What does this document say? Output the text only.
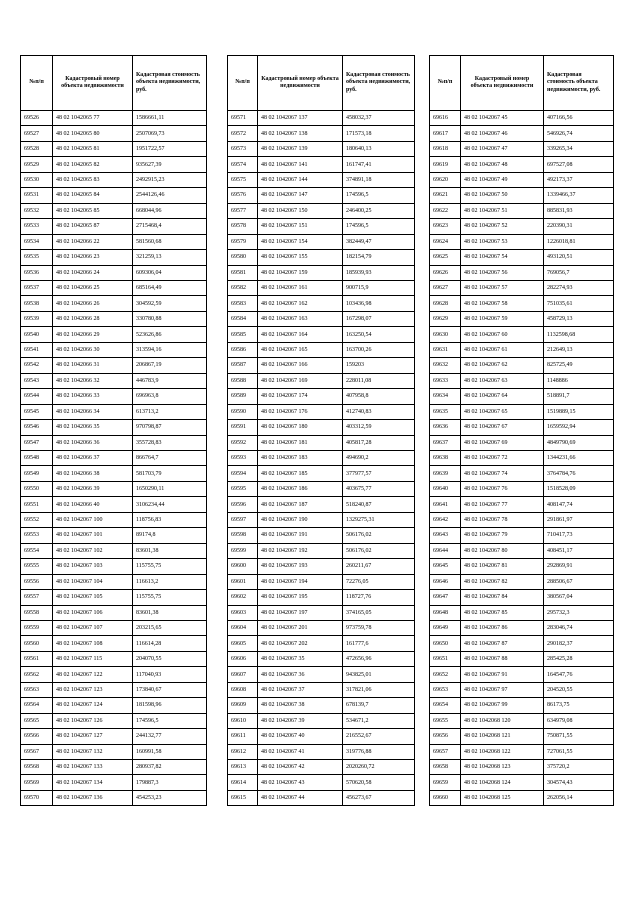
№п/п	Кадастровый номер объекта недвижимости	Кадастровая стоимость объекта недвижимости, руб.
69526	48 02 1042065 77	1586661,11
69527	48 02 1042065 80	2507069,73
69528	48 02 1042065 81	1951722,57
69529	48 02 1042065 82	935627,39
69530	48 02 1042065 83	2492915,23
69531	48 02 1042065 84	2544126,46
69532	48 02 1042065 85	668044,96
69533	48 02 1042065 87	2715468,4
69534	48 02 1042066 22	581560,68
69535	48 02 1042066 23	321259,13
69536	48 02 1042066 24	609306,04
69537	48 02 1042066 25	685164,49
69538	48 02 1042066 26	304592,59
69539	48 02 1042066 28	330780,88
69540	48 02 1042066 29	523626,86
69541	48 02 1042066 30	313594,16
69542	48 02 1042066 31	206867,19
69543	48 02 1042066 32	446783,9
69544	48 02 1042066 33	696963,8
69545	48 02 1042066 34	613713,2
69546	48 02 1042066 35	970798,87
69547	48 02 1042066 36	355728,83
69548	48 02 1042066 37	866764,7
69549	48 02 1042066 38	581703,79
69550	48 02 1042066 39	1650290,11
69551	48 02 1042066 40	3106234,44
69552	48 02 1042067 100	118756,83
69553	48 02 1042067 101	89174,8
69554	48 02 1042067 102	83601,38
69555	48 02 1042067 103	115755,75
69556	48 02 1042067 104	116613,2
69557	48 02 1042067 105	115755,75
69558	48 02 1042067 106	83601,38
69559	48 02 1042067 107	203215,65
69560	48 02 1042067 108	116614,28
69561	48 02 1042067 115	204070,55
69562	48 02 1042067 122	117040,93
69563	48 02 1042067 123	173840,67
69564	48 02 1042067 124	181598,96
69565	48 02 1042067 126	174596,5
69566	48 02 1042067 127	244132,77
69567	48 02 1042067 132	160991,58
69568	48 02 1042067 133	280937,82
69569	48 02 1042067 134	179887,3
69570	48 02 1042067 136	454253,23
№п/п	Кадастровый номер объекта недвижимости	Кадастровая стоимость объекта недвижимости, руб.
69571	48 02 1042067 137	458032,37
69572	48 02 1042067 138	171573,18
69573	48 02 1042067 139	180640,13
69574	48 02 1042067 141	161747,41
69575	48 02 1042067 144	374891,18
69576	48 02 1042067 147	174596,5
69577	48 02 1042067 150	246400,25
69578	48 02 1042067 151	174596,5
69579	48 02 1042067 154	382449,47
69580	48 02 1042067 155	182154,79
69581	48 02 1042067 159	185939,93
69582	48 02 1042067 161	900715,9
69583	48 02 1042067 162	103436,98
69584	48 02 1042067 163	167298,07
69585	48 02 1042067 164	163250,54
69586	48 02 1042067 165	163700,26
69587	48 02 1042067 166	159203
69588	48 02 1042067 169	228011,08
69589	48 02 1042067 174	407958,8
69590	48 02 1042067 176	412740,83
69591	48 02 1042067 180	403312,59
69592	48 02 1042067 181	405817,28
69593	48 02 1042067 183	494690,2
69594	48 02 1042067 185	377977,57
69595	48 02 1042067 186	403675,77
69596	48 02 1042067 187	518240,87
69597	48 02 1042067 190	1329275,31
69598	48 02 1042067 191	506176,02
69599	48 02 1042067 192	506176,02
69600	48 02 1042067 193	260211,67
69601	48 02 1042067 194	72276,05
69602	48 02 1042067 195	118727,76
69603	48 02 1042067 197	374165,05
69604	48 02 1042067 201	973759,78
69605	48 02 1042067 202	161777,6
69606	48 02 1042067 35	472656,96
69607	48 02 1042067 36	943825,01
69608	48 02 1042067 37	317821,06
69609	48 02 1042067 38	678139,7
69610	48 02 1042067 39	534671,2
69611	48 02 1042067 40	216552,67
69612	48 02 1042067 41	319776,88
69613	48 02 1042067 42	2020260,72
69614	48 02 1042067 43	570620,58
69615	48 02 1042067 44	456273,67
№п/п	Кадастровый номер объекта недвижимости	Кадастровая стоимость объекта недвижимости, руб.
69616	48 02 1042067 45	407166,56
69617	48 02 1042067 46	546926,74
69618	48 02 1042067 47	339265,34
69619	48 02 1042067 48	697527,08
69620	48 02 1042067 49	492173,37
69621	48 02 1042067 50	1339466,37
69622	48 02 1042067 51	885831,93
69623	48 02 1042067 52	220390,31
69624	48 02 1042067 53	1226018,81
69625	48 02 1042067 54	493120,51
69626	48 02 1042067 56	769056,7
69627	48 02 1042067 57	282274,93
69628	48 02 1042067 58	751035,61
69629	48 02 1042067 59	458729,13
69630	48 02 1042067 60	1132598,68
69631	48 02 1042067 61	212649,13
69632	48 02 1042067 62	825725,49
69633	48 02 1042067 63	1148886
69634	48 02 1042067 64	518891,7
69635	48 02 1042067 65	1519889,15
69636	48 02 1042067 67	1659592,94
69637	48 02 1042067 69	4849790,69
69638	48 02 1042067 72	1344231,66
69639	48 02 1042067 74	3764784,76
69640	48 02 1042067 76	1518528,09
69641	48 02 1042067 77	408147,74
69642	48 02 1042067 78	291861,97
69643	48 02 1042067 79	710417,73
69644	48 02 1042067 80	408451,17
69645	48 02 1042067 81	292869,91
69646	48 02 1042067 82	288506,67
69647	48 02 1042067 84	380567,04
69648	48 02 1042067 85	295732,3
69649	48 02 1042067 86	283046,74
69650	48 02 1042067 87	290182,37
69651	48 02 1042067 88	285425,28
69652	48 02 1042067 91	164547,76
69653	48 02 1042067 97	204520,55
69654	48 02 1042067 99	86173,75
69655	48 02 1042068 120	634979,08
69656	48 02 1042068 121	750871,55
69657	48 02 1042068 122	727061,55
69658	48 02 1042068 123	375720,2
69659	48 02 1042068 124	304574,43
69660	48 02 1042068 125	262056,14
